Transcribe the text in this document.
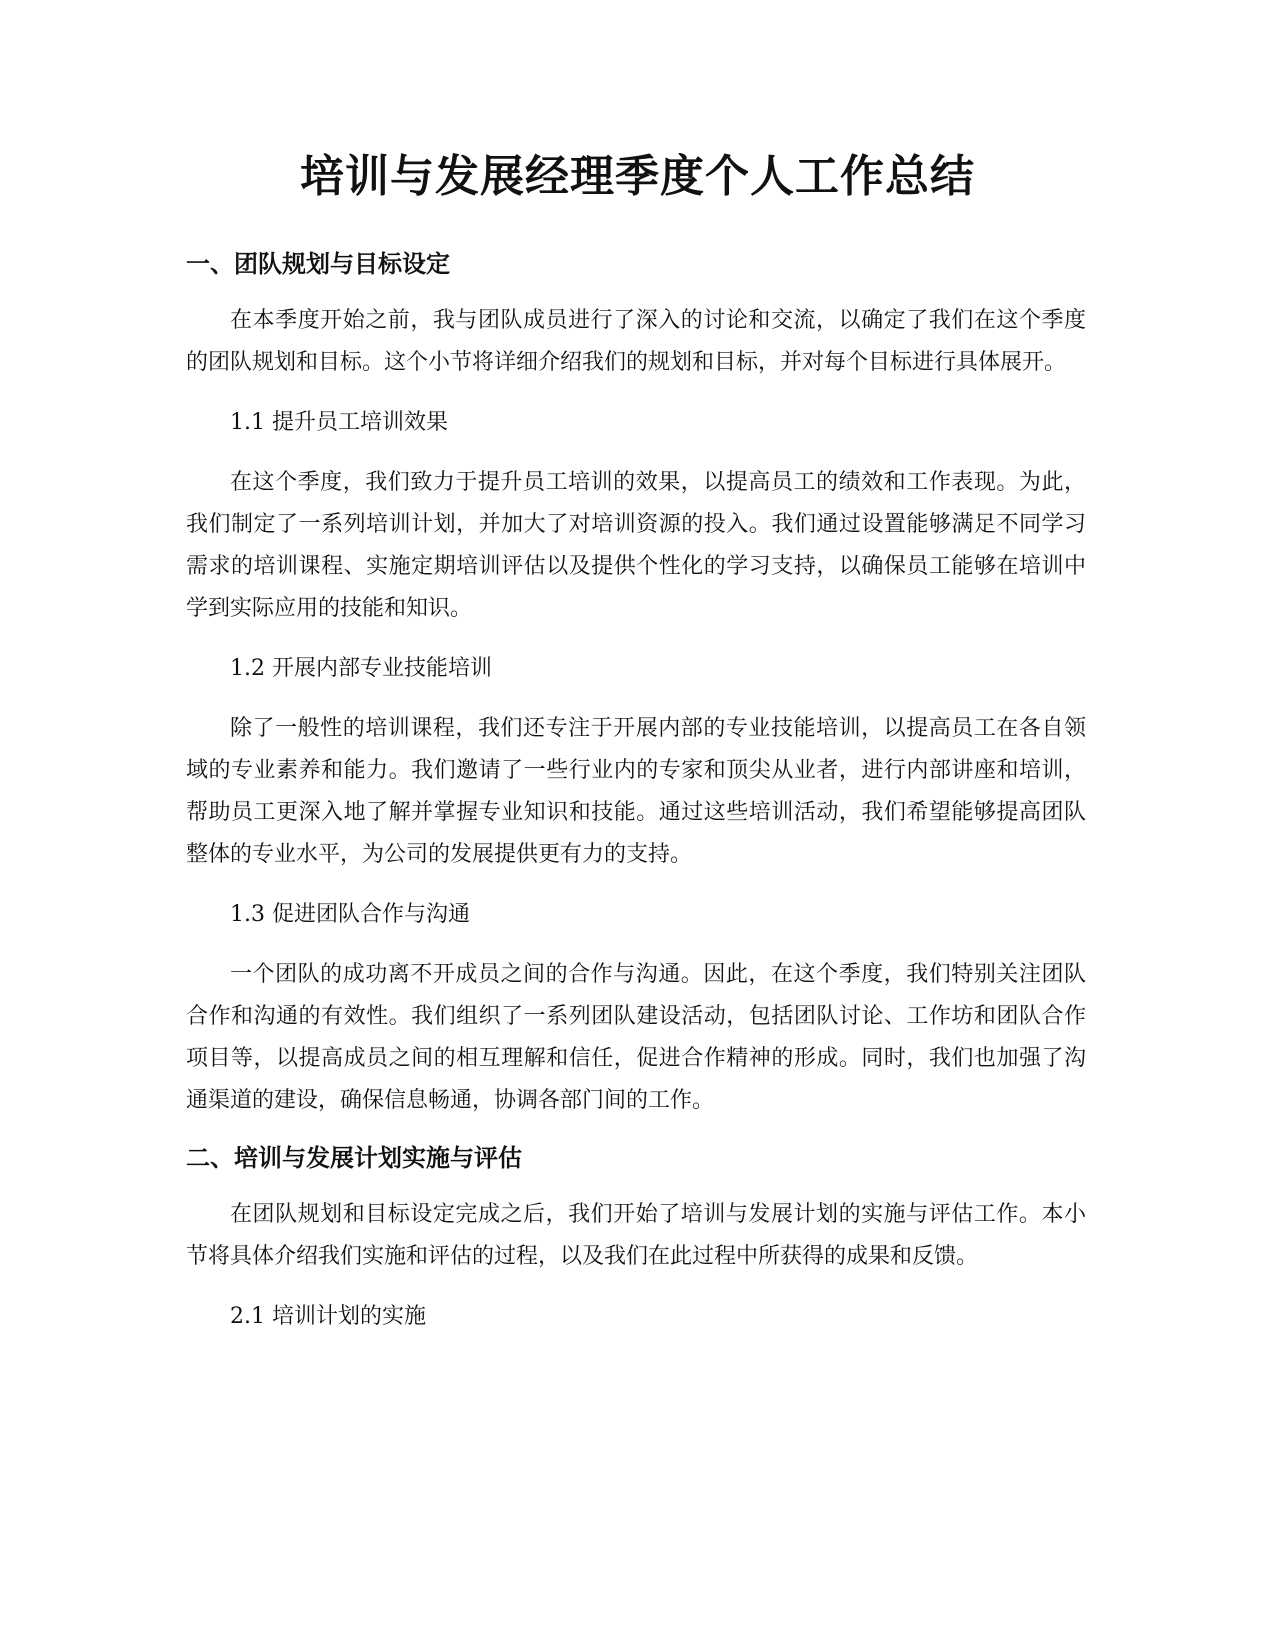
培训与发展经理季度个人工作总结
一、团队规划与目标设定

在本季度开始之前，我与团队成员进行了深入的讨论和交流，以确定了我们在这个季度的团队规划和目标。这个小节将详细介绍我们的规划和目标，并对每个目标进行具体展开。

1.1 提升员工培训效果

在这个季度，我们致力于提升员工培训的效果，以提高员工的绩效和工作表现。为此，我们制定了一系列培训计划，并加大了对培训资源的投入。我们通过设置能够满足不同学习需求的培训课程、实施定期培训评估以及提供个性化的学习支持，以确保员工能够在培训中学到实际应用的技能和知识。

1.2 开展内部专业技能培训

除了一般性的培训课程，我们还专注于开展内部的专业技能培训，以提高员工在各自领域的专业素养和能力。我们邀请了一些行业内的专家和顶尖从业者，进行内部讲座和培训，帮助员工更深入地了解并掌握专业知识和技能。通过这些培训活动，我们希望能够提高团队整体的专业水平，为公司的发展提供更有力的支持。

1.3 促进团队合作与沟通

一个团队的成功离不开成员之间的合作与沟通。因此，在这个季度，我们特别关注团队合作和沟通的有效性。我们组织了一系列团队建设活动，包括团队讨论、工作坊和团队合作项目等，以提高成员之间的相互理解和信任，促进合作精神的形成。同时，我们也加强了沟通渠道的建设，确保信息畅通，协调各部门间的工作。

二、培训与发展计划实施与评估

在团队规划和目标设定完成之后，我们开始了培训与发展计划的实施与评估工作。本小节将具体介绍我们实施和评估的过程，以及我们在此过程中所获得的成果和反馈。

2.1 培训计划的实施
